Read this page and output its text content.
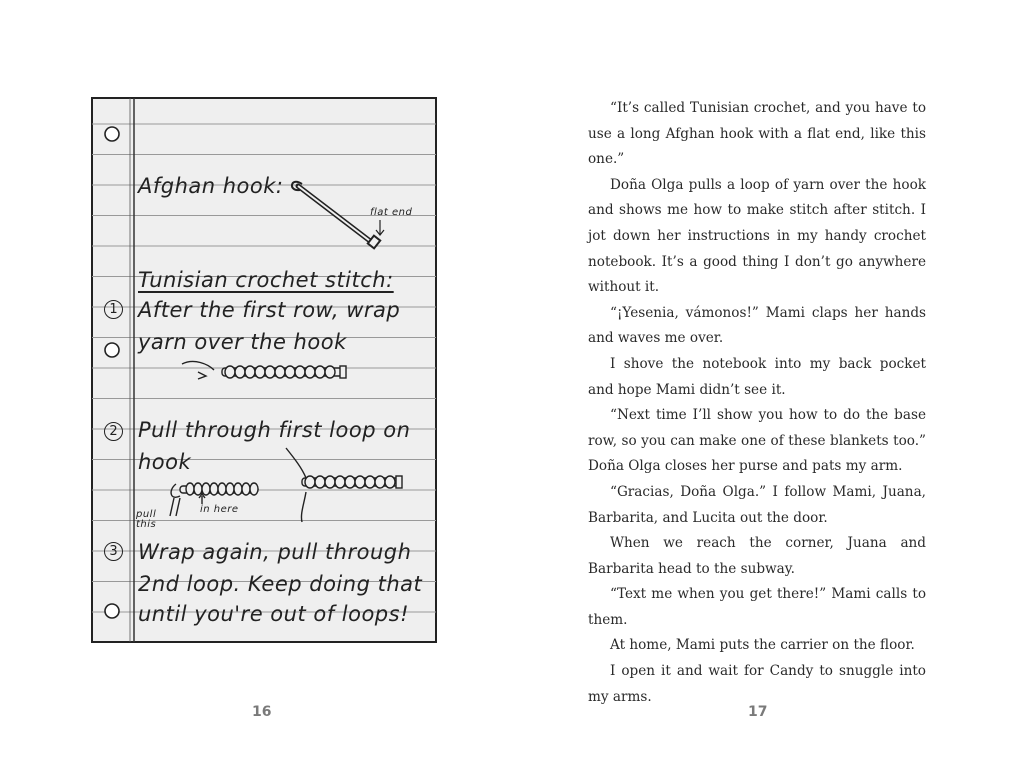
Afghan hook:
flat end
Tunisian crochet stitch:
1 After the first row, wrap
yarn over the hook
2 Pull through first loop on
hook
pull
this
in here
3 Wrap again, pull through
2nd loop. Keep doing that
until you're out of loops!
16

“It’s called Tunisian crochet, and you have to use a long Afghan hook with a flat end, like this one.”

Doña Olga pulls a loop of yarn over the hook and shows me how to make stitch after stitch. I jot down her instructions in my handy crochet notebook. It’s a good thing I don’t go anywhere without it.

“¡Yesenia, vámonos!” Mami claps her hands and waves me over.

I shove the notebook into my back pocket and hope Mami didn’t see it.

“Next time I’ll show you how to do the base row, so you can make one of these blankets too.” Doña Olga closes her purse and pats my arm.

“Gracias, Doña Olga.” I follow Mami, Juana, Barbarita, and Lucita out the door.

When we reach the corner, Juana and Barbarita head to the subway.

“Text me when you get there!” Mami calls to them.

At home, Mami puts the carrier on the floor.

I open it and wait for Candy to snuggle into my arms.

17
